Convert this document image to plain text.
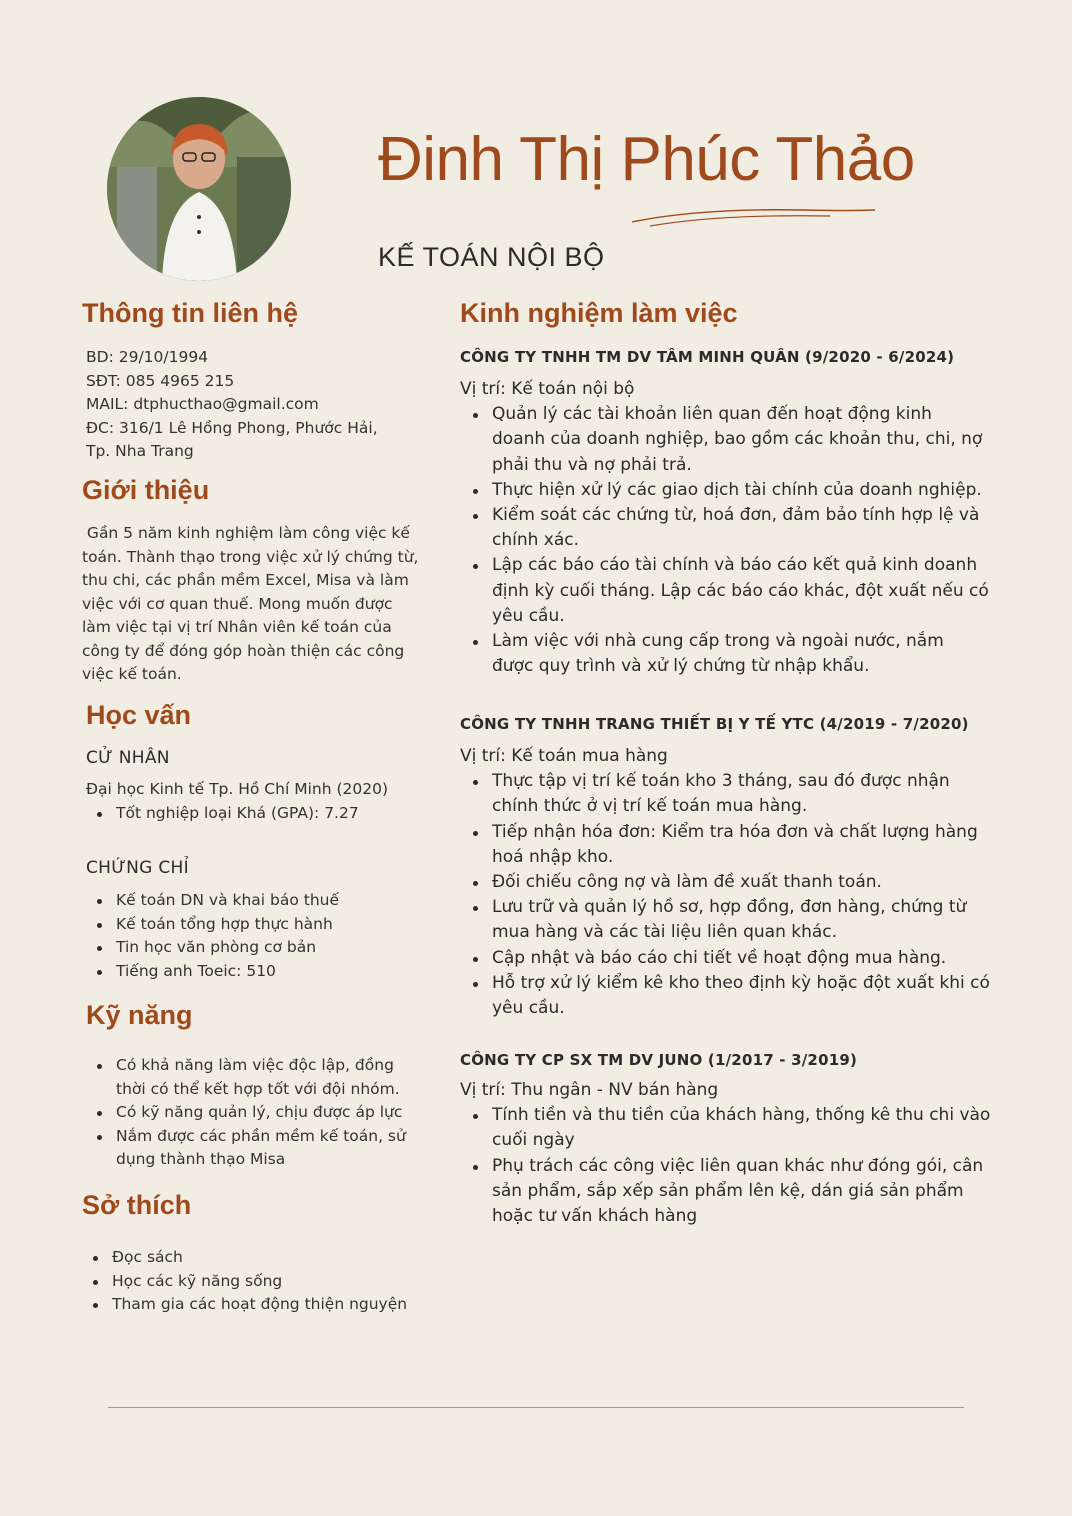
Đinh Thị Phúc Thảo
KẾ TOÁN NỘI BỘ
Thông tin liên hệ
BD: 29/10/1994
SĐT: 085 4965 215
MAIL: dtphucthao@gmail.com
ĐC: 316/1 Lê Hồng Phong, Phước Hải,
Tp. Nha Trang
Giới thiệu
Gần 5 năm kinh nghiệm làm công việc kế
toán. Thành thạo trong việc xử lý chứng từ,
thu chi, các phần mềm Excel, Misa và làm
việc với cơ quan thuế. Mong muốn được
làm việc tại vị trí Nhân viên kế toán của
công ty để đóng góp hoàn thiện các công
việc kế toán.
Học vấn
CỬ NHÂN
Đại học Kinh tế Tp. Hồ Chí Minh (2020)
Tốt nghiệp loại Khá (GPA): 7.27
CHỨNG CHỈ
Kế toán DN và khai báo thuế
Kế toán tổng hợp thực hành
Tin học văn phòng cơ bản
Tiếng anh Toeic: 510
Kỹ năng
Có khả năng làm việc độc lập, đồng
thời có thể kết hợp tốt với đội nhóm.
Có kỹ năng quản lý, chịu được áp lực
Nắm được các phần mềm kế toán, sử
dụng thành thạo Misa
Sở thích
Đọc sách
Học các kỹ năng sống
Tham gia các hoạt động thiện nguyện
Kinh nghiệm làm việc
CÔNG TY TNHH TM DV TÂM MINH QUÂN (9/2020 - 6/2024)
Vị trí: Kế toán nội bộ
Quản lý các tài khoản liên quan đến hoạt động kinh
doanh của doanh nghiệp, bao gồm các khoản thu, chi, nợ
phải thu và nợ phải trả.
Thực hiện xử lý các giao dịch tài chính của doanh nghiệp.
Kiểm soát các chứng từ, hoá đơn, đảm bảo tính hợp lệ và
chính xác.
Lập các báo cáo tài chính và báo cáo kết quả kinh doanh
định kỳ cuối tháng. Lập các báo cáo khác, đột xuất nếu có
yêu cầu.
Làm việc với nhà cung cấp trong và ngoài nước, nắm
được quy trình và xử lý chứng từ nhập khẩu.
CÔNG TY TNHH TRANG THIẾT BỊ Y TẾ YTC (4/2019 - 7/2020)
Vị trí: Kế toán mua hàng
Thực tập vị trí kế toán kho 3 tháng, sau đó được nhận
chính thức ở vị trí kế toán mua hàng.
Tiếp nhận hóa đơn: Kiểm tra hóa đơn và chất lượng hàng
hoá nhập kho.
Đối chiếu công nợ và làm đề xuất thanh toán.
Lưu trữ và quản lý hồ sơ, hợp đồng, đơn hàng, chứng từ
mua hàng và các tài liệu liên quan khác.
Cập nhật và báo cáo chi tiết về hoạt động mua hàng.
Hỗ trợ xử lý kiểm kê kho theo định kỳ hoặc đột xuất khi có
yêu cầu.
CÔNG TY CP SX TM DV JUNO (1/2017 - 3/2019)
Vị trí: Thu ngân - NV bán hàng
Tính tiền và thu tiền của khách hàng, thống kê thu chi vào
cuối ngày
Phụ trách các công việc liên quan khác như đóng gói, cân
sản phẩm, sắp xếp sản phẩm lên kệ, dán giá sản phẩm
hoặc tư vấn khách hàng
